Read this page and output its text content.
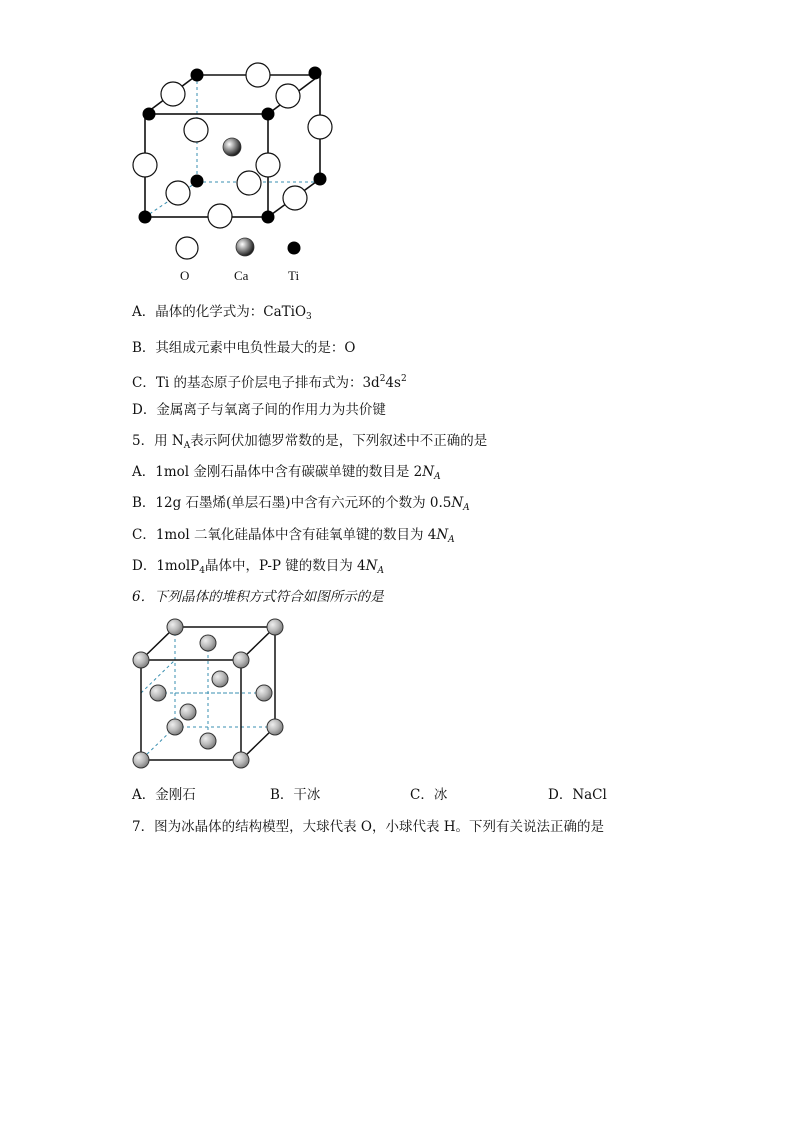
O	Ca	Ti
A．晶体的化学式为：CaTiO$_3$
B．其组成元素中电负性最大的是：O
C．Ti 的基态原子价层电子排布式为：$3d^24s^2$
D．金属离子与氧离子间的作用力为共价键
5．用 $N_A$表示阿伏加德罗常数的是，下列叙述中不正确的是
A．1mol 金刚石晶体中含有碳碳单键的数目是 $2N_A$
B．12g 石墨烯(单层石墨)中含有六元环的个数为 $0.5N_A$
C．1mol 二氧化硅晶体中含有硅氧单键的数目为 $4N_A$
D．1molP$_4$晶体中，P-P 键的数目为 $4N_A$
6．下列晶体的堆积方式符合如图所示的是
A．金刚石	B．干冰	C．冰	D．NaCl
7．图为冰晶体的结构模型，大球代表 O，小球代表 H。下列有关说法正确的是
